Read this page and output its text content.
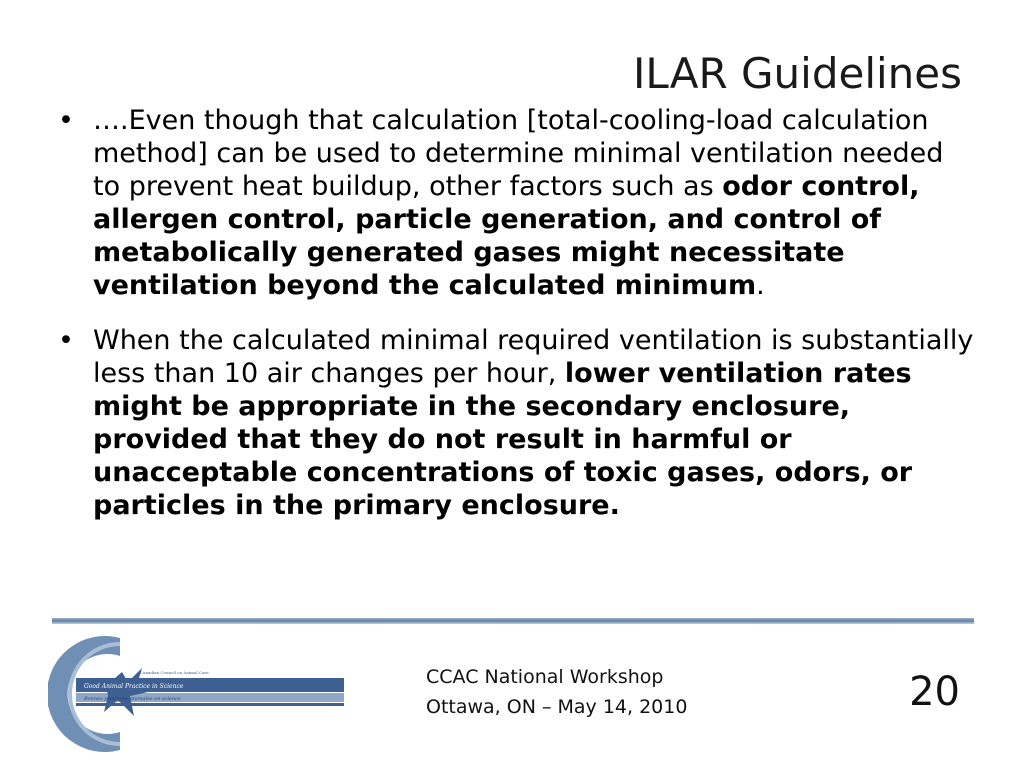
ILAR Guidelines
• ….Even though that calculation [total-cooling-load calculation method] can be used to determine minimal ventilation needed to prevent heat buildup, other factors such as odor control, allergen control, particle generation, and control of metabolically generated gases might necessitate ventilation beyond the calculated minimum.
• When the calculated minimal required ventilation is substantially less than 10 air changes per hour, lower ventilation rates might be appropriate in the secondary enclosure, provided that they do not result in harmful or unacceptable concentrations of toxic gases, odors, or particles in the primary enclosure.
Good Animal Practice in Science
Bonnes pratiques animales en science
Canadian Council on Animal Care	CCAC National Workshop
Ottawa, ON – May 14, 2010	20
